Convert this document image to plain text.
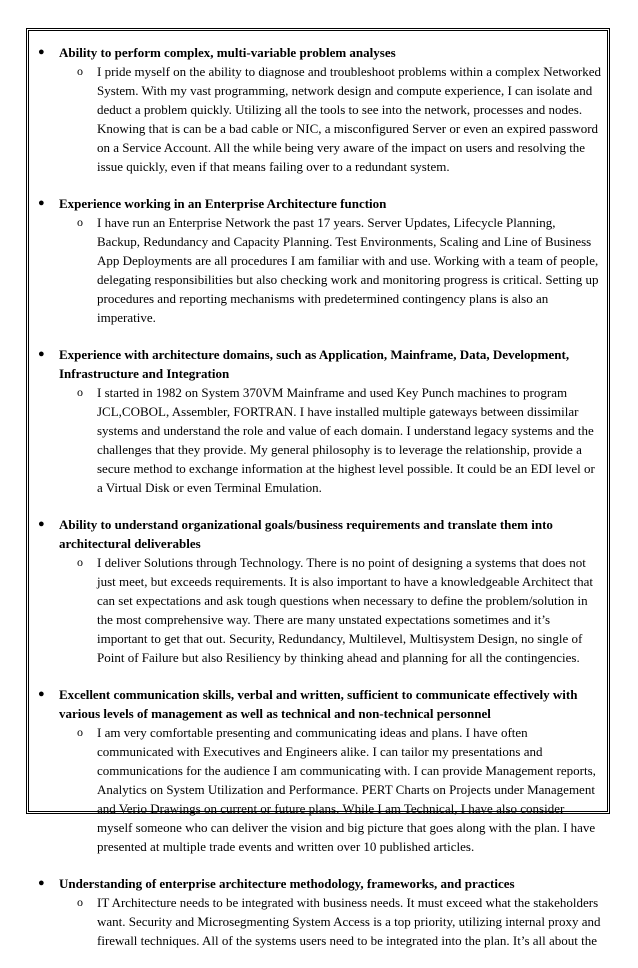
●	Ability to perform complex, multi-variable problem analyses
o I pride myself on the ability to diagnose and troubleshoot problems within a complex Networked System. With my vast programming, network design and compute experience, I can isolate and deduct a problem quickly. Utilizing all the tools to see into the network, processes and nodes. Knowing that is can be a bad cable or NIC, a misconfigured Server or even an expired password on a Service Account. All the while being very aware of the impact on users and resolving the issue quickly, even if that means failing over to a redundant system.
●	Experience working in an Enterprise Architecture function
o I have run an Enterprise Network the past 17 years. Server Updates, Lifecycle Planning, Backup, Redundancy and Capacity Planning. Test Environments, Scaling and Line of Business App Deployments are all procedures I am familiar with and use. Working with a team of people, delegating responsibilities but also checking work and monitoring progress is critical. Setting up procedures and reporting mechanisms with predetermined contingency plans is also an imperative.
●	Experience with architecture domains, such as Application, Mainframe, Data, Development, Infrastructure and Integration
o I started in 1982 on System 370VM Mainframe and used Key Punch machines to program JCL,COBOL, Assembler, FORTRAN. I have installed multiple gateways between dissimilar systems and understand the role and value of each domain. I understand legacy systems and the challenges that they provide. My general philosophy is to leverage the relationship, provide a secure method to exchange information at the highest level possible. It could be an EDI level or a Virtual Disk or even Terminal Emulation.
●	Ability to understand organizational goals/business requirements and translate them into architectural deliverables
o I deliver Solutions through Technology. There is no point of designing a systems that does not just meet, but exceeds requirements. It is also important to have a knowledgeable Architect that can set expectations and ask tough questions when necessary to define the problem/solution in the most comprehensive way. There are many unstated expectations sometimes and it’s important to get that out. Security, Redundancy, Multilevel, Multisystem Design, no single of Point of Failure but also Resiliency by thinking ahead and planning for all the contingencies.
●	Excellent communication skills, verbal and written, sufficient to communicate effectively with various levels of management as well as technical and non-technical personnel
o I am very comfortable presenting and communicating ideas and plans. I have often communicated with Executives and Engineers alike. I can tailor my presentations and communications for the audience I am communicating with. I can provide Management reports, Analytics on System Utilization and Performance. PERT Charts on Projects under Management and Verio Drawings on current or future plans. While I am Technical, I have also consider myself someone who can deliver the vision and big picture that goes along with the plan. I have presented at multiple trade events and written over 10 published articles.
●	Understanding of enterprise architecture methodology, frameworks, and practices
o IT Architecture needs to be integrated with business needs. It must exceed what the stakeholders want. Security and Microsegmenting System Access is a top priority, utilizing internal proxy and firewall techniques. All of the systems users need to be integrated into the plan. It’s all about the
